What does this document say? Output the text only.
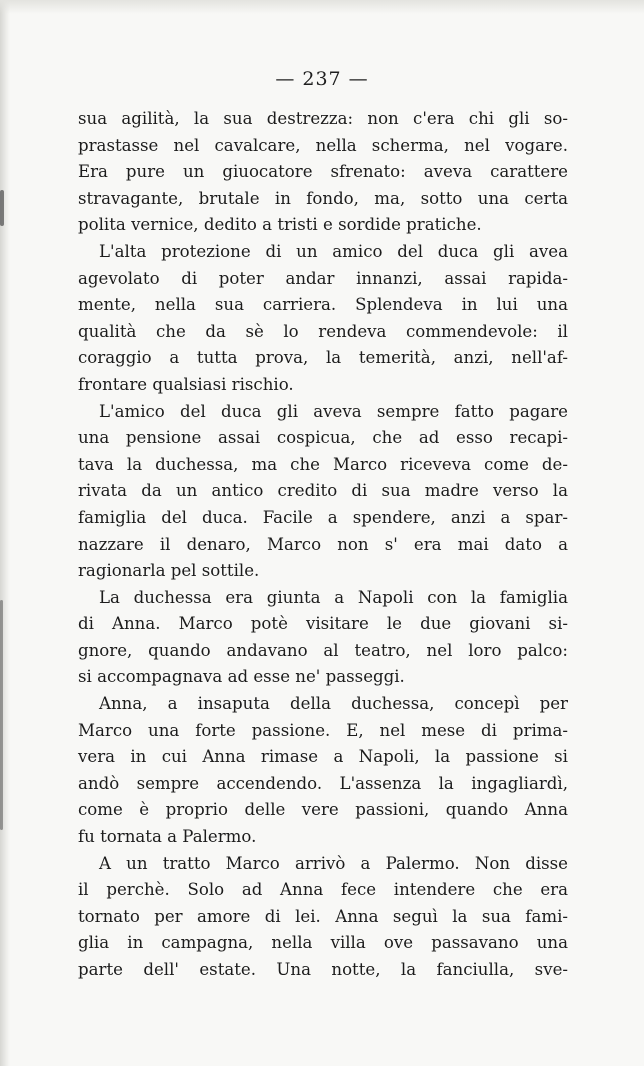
— 237 —
sua agilità, la sua destrezza: non c'era chi gli so-
prastasse nel cavalcare, nella scherma, nel vogare.
Era pure un giuocatore sfrenato: aveva carattere
stravagante, brutale in fondo, ma, sotto una certa
polita vernice, dedito a tristi e sordide pratiche.
L'alta protezione di un amico del duca gli avea
agevolato di poter andar innanzi, assai rapida-
mente, nella sua carriera. Splendeva in lui una
qualità che da sè lo rendeva commendevole: il
coraggio a tutta prova, la temerità, anzi, nell'af-
frontare qualsiasi rischio.
L'amico del duca gli aveva sempre fatto pagare
una pensione assai cospicua, che ad esso recapi-
tava la duchessa, ma che Marco riceveva come de-
rivata da un antico credito di sua madre verso la
famiglia del duca. Facile a spendere, anzi a spar-
nazzare il denaro, Marco non s' era mai dato a
ragionarla pel sottile.
La duchessa era giunta a Napoli con la famiglia
di Anna. Marco potè visitare le due giovani si-
gnore, quando andavano al teatro, nel loro palco:
si accompagnava ad esse ne' passeggi.
Anna, a insaputa della duchessa, concepì per
Marco una forte passione. E, nel mese di prima-
vera in cui Anna rimase a Napoli, la passione si
andò sempre accendendo. L'assenza la ingagliardì,
come è proprio delle vere passioni, quando Anna
fu tornata a Palermo.
A un tratto Marco arrivò a Palermo. Non disse
il perchè. Solo ad Anna fece intendere che era
tornato per amore di lei. Anna seguì la sua fami-
glia in campagna, nella villa ove passavano una
parte dell' estate. Una notte, la fanciulla, sve-
